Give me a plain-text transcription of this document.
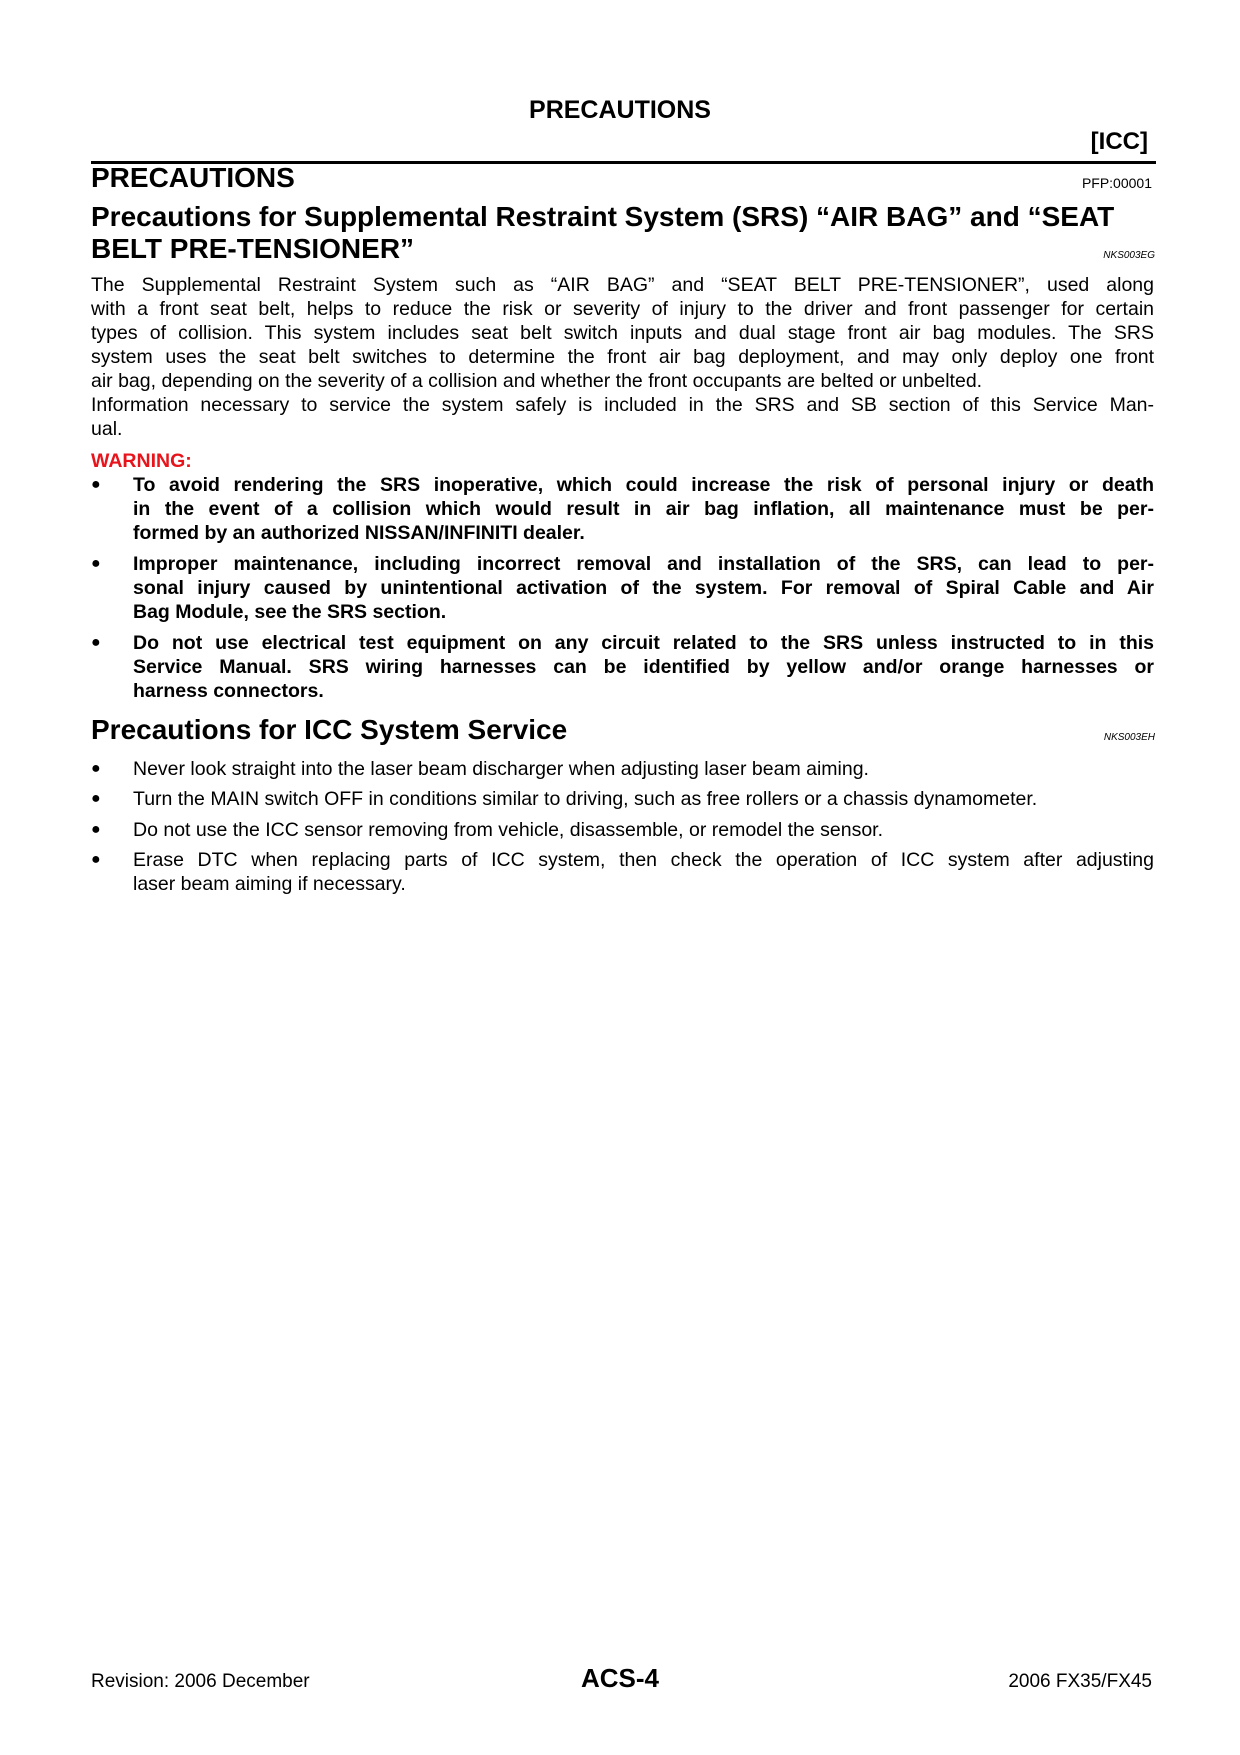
PRECAUTIONS
[ICC]
PRECAUTIONS	PFP:00001
Precautions for Supplemental Restraint System (SRS) “AIR BAG” and “SEAT
BELT PRE-TENSIONER”	NKS003EG
The Supplemental Restraint System such as “AIR BAG” and “SEAT BELT PRE-TENSIONER”, used along
with a front seat belt, helps to reduce the risk or severity of injury to the driver and front passenger for certain
types of collision. This system includes seat belt switch inputs and dual stage front air bag modules. The SRS
system uses the seat belt switches to determine the front air bag deployment, and may only deploy one front
air bag, depending on the severity of a collision and whether the front occupants are belted or unbelted.
Information necessary to service the system safely is included in the SRS and SB section of this Service Man-
ual.
WARNING:
● To avoid rendering the SRS inoperative, which could increase the risk of personal injury or death
in the event of a collision which would result in air bag inflation, all maintenance must be per-
formed by an authorized NISSAN/INFINITI dealer.
● Improper maintenance, including incorrect removal and installation of the SRS, can lead to per-
sonal injury caused by unintentional activation of the system. For removal of Spiral Cable and Air
Bag Module, see the SRS section.
● Do not use electrical test equipment on any circuit related to the SRS unless instructed to in this
Service Manual. SRS wiring harnesses can be identified by yellow and/or orange harnesses or
harness connectors.
Precautions for ICC System Service	NKS003EH
● Never look straight into the laser beam discharger when adjusting laser beam aiming.
● Turn the MAIN switch OFF in conditions similar to driving, such as free rollers or a chassis dynamometer.
● Do not use the ICC sensor removing from vehicle, disassemble, or remodel the sensor.
● Erase DTC when replacing parts of ICC system, then check the operation of ICC system after adjusting
laser beam aiming if necessary.
Revision: 2006 December	ACS-4	2006 FX35/FX45
